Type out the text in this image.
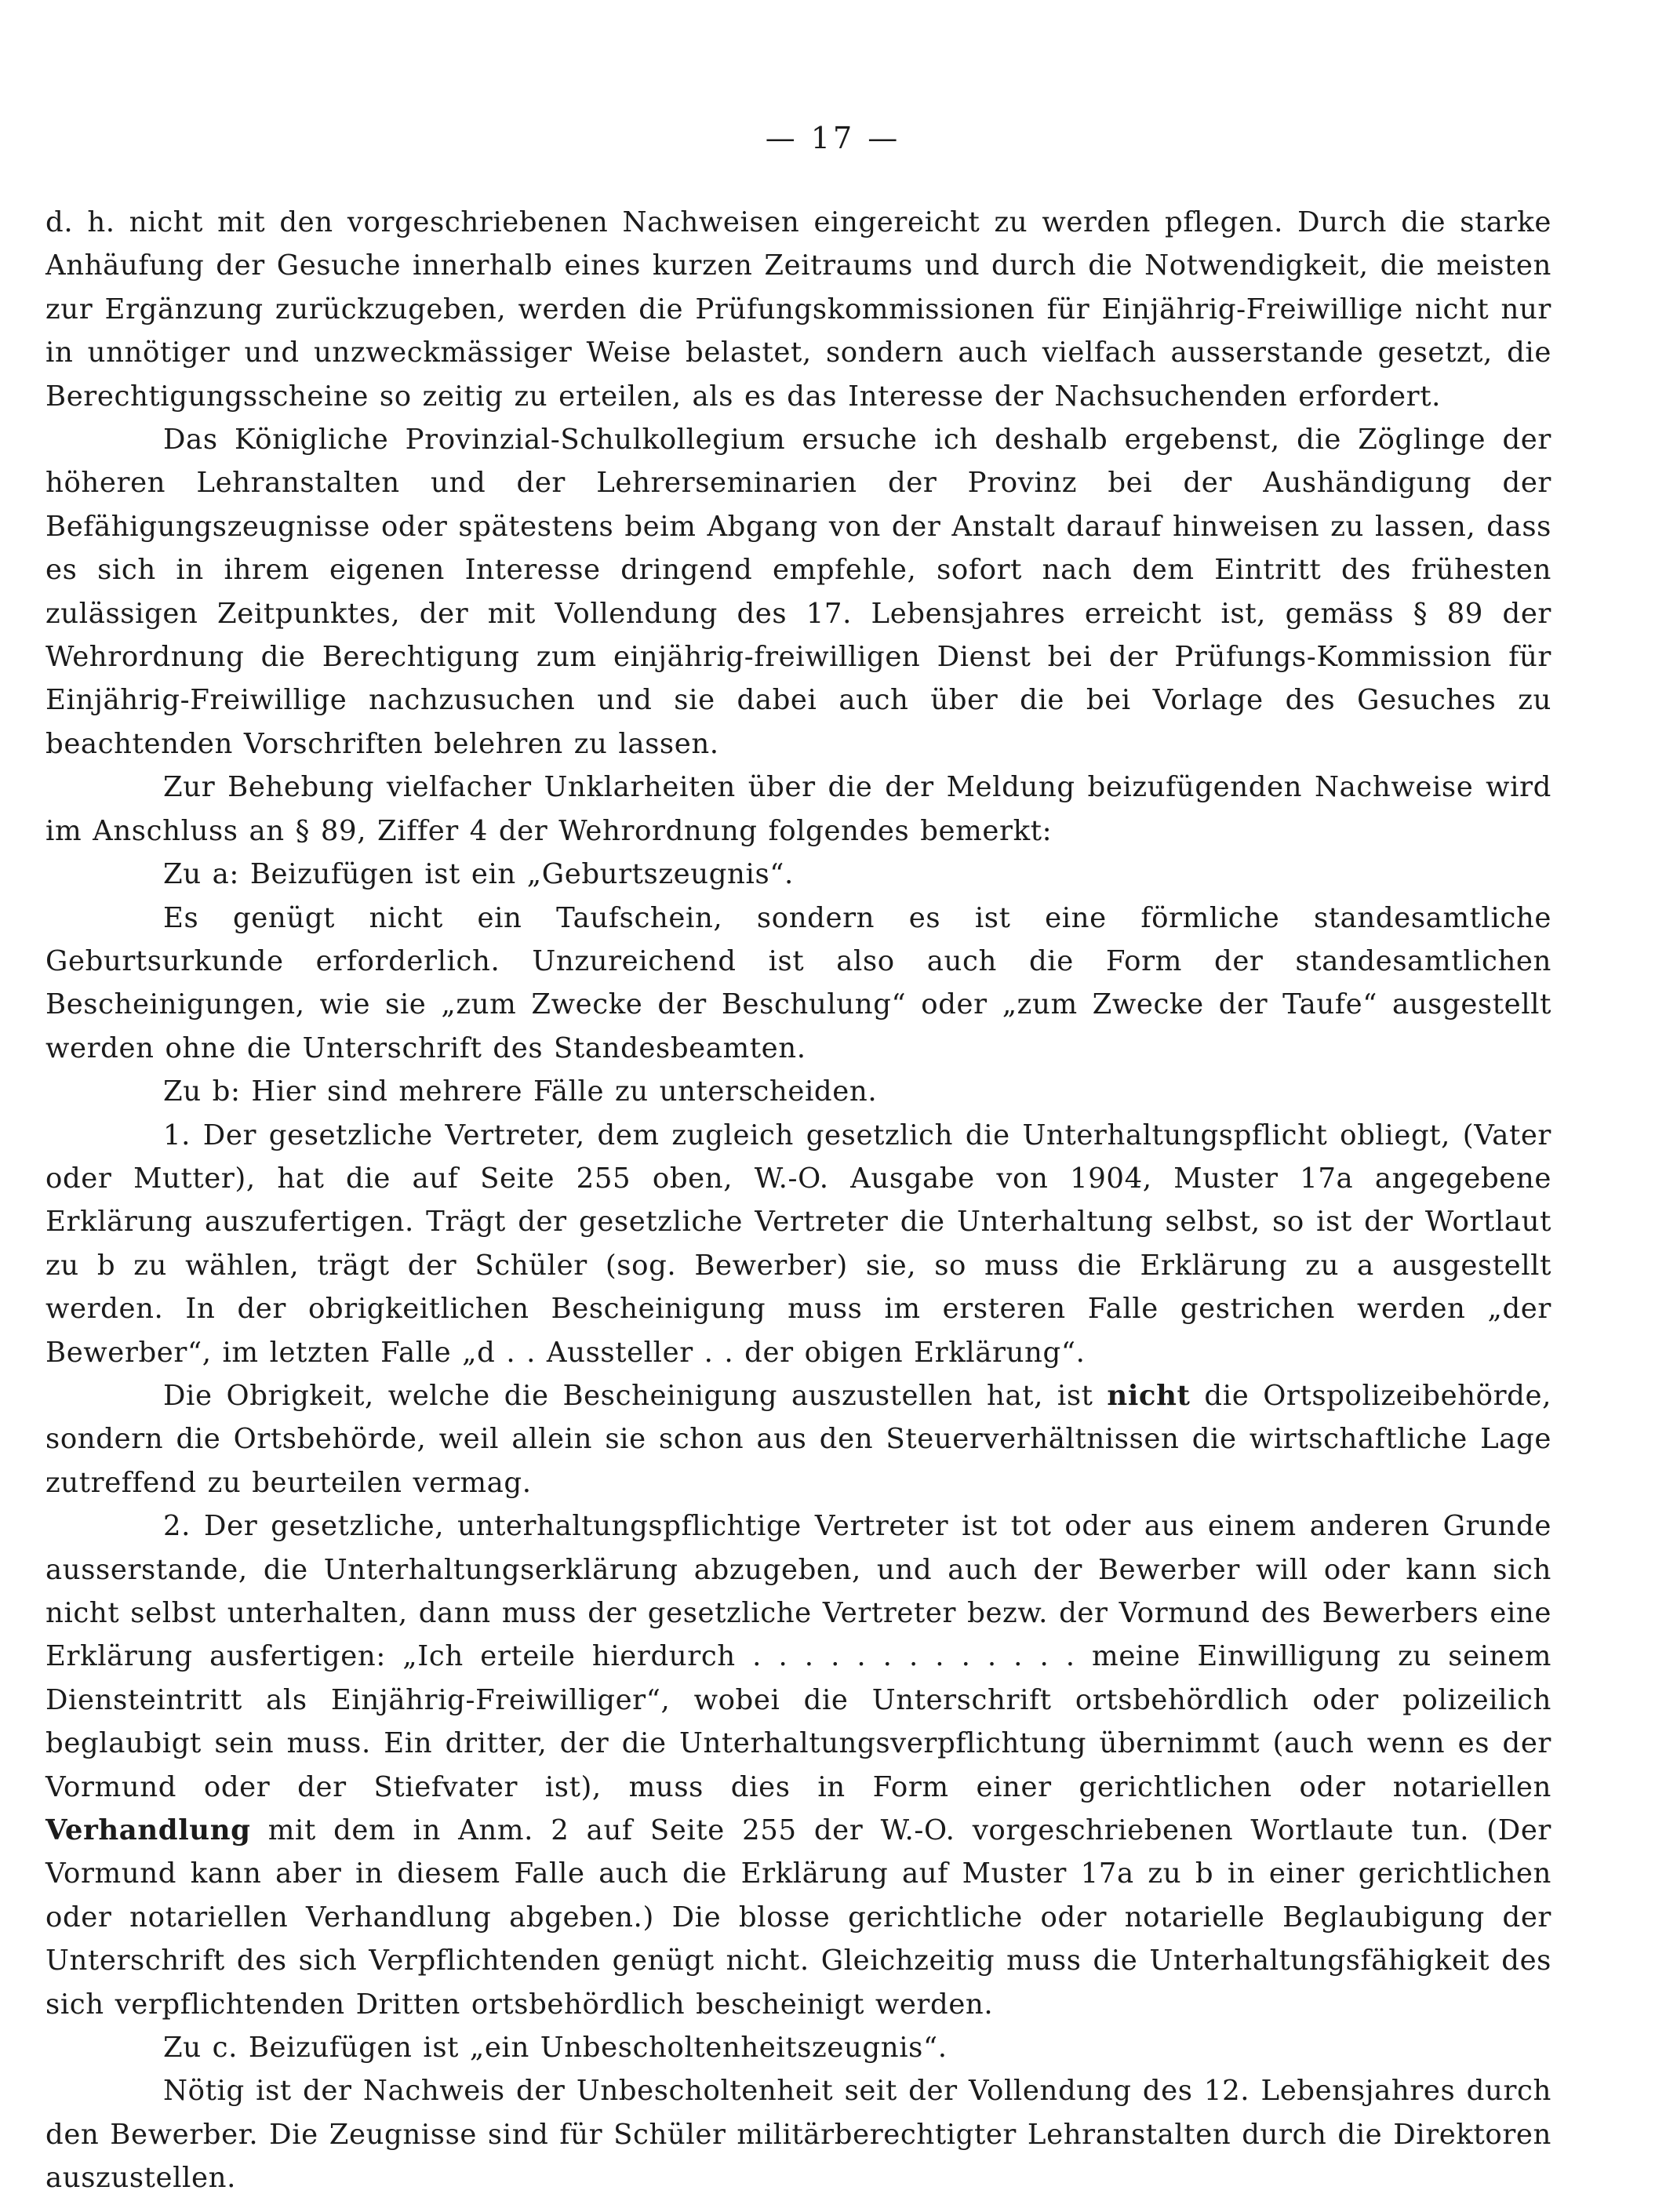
— 17 —

d. h. nicht mit den vorgeschriebenen Nachweisen eingereicht zu werden pflegen. Durch die starke Anhäufung der Gesuche innerhalb eines kurzen Zeitraums und durch die Notwendigkeit, die meisten zur Ergänzung zurückzugeben, werden die Prüfungskommissionen für Einjährig-Freiwillige nicht nur in unnötiger und unzweckmässiger Weise belastet, sondern auch vielfach ausserstande gesetzt, die Berechtigungsscheine so zeitig zu erteilen, als es das Interesse der Nachsuchenden erfordert.

Das Königliche Provinzial-Schulkollegium ersuche ich deshalb ergebenst, die Zöglinge der höheren Lehranstalten und der Lehrerseminarien der Provinz bei der Aushändigung der Befähigungszeugnisse oder spätestens beim Abgang von der Anstalt darauf hinweisen zu lassen, dass es sich in ihrem eigenen Interesse dringend empfehle, sofort nach dem Eintritt des frühesten zulässigen Zeitpunktes, der mit Vollendung des 17. Lebensjahres erreicht ist, gemäss § 89 der Wehrordnung die Berechtigung zum einjährig-freiwilligen Dienst bei der Prüfungs-Kommission für Einjährig-Freiwillige nachzusuchen und sie dabei auch über die bei Vorlage des Gesuches zu beachtenden Vorschriften belehren zu lassen.

Zur Behebung vielfacher Unklarheiten über die der Meldung beizufügenden Nachweise wird im Anschluss an § 89, Ziffer 4 der Wehrordnung folgendes bemerkt:

Zu a: Beizufügen ist ein „Geburtszeugnis“.

Es genügt nicht ein Taufschein, sondern es ist eine förmliche standesamtliche Geburtsurkunde erforderlich. Unzureichend ist also auch die Form der standesamtlichen Bescheinigungen, wie sie „zum Zwecke der Beschulung“ oder „zum Zwecke der Taufe“ ausgestellt werden ohne die Unterschrift des Standesbeamten.

Zu b: Hier sind mehrere Fälle zu unterscheiden.

1. Der gesetzliche Vertreter, dem zugleich gesetzlich die Unterhaltungspflicht obliegt, (Vater oder Mutter), hat die auf Seite 255 oben, W.-O. Ausgabe von 1904, Muster 17a angegebene Erklärung auszufertigen. Trägt der gesetzliche Vertreter die Unterhaltung selbst, so ist der Wortlaut zu b zu wählen, trägt der Schüler (sog. Bewerber) sie, so muss die Erklärung zu a ausgestellt werden. In der obrigkeitlichen Bescheinigung muss im ersteren Falle gestrichen werden „der Bewerber“, im letzten Falle „d . . Aussteller . . der obigen Erklärung“.

Die Obrigkeit, welche die Bescheinigung auszustellen hat, ist nicht die Ortspolizeibehörde, sondern die Ortsbehörde, weil allein sie schon aus den Steuerverhältnissen die wirtschaftliche Lage zutreffend zu beurteilen vermag.

2. Der gesetzliche, unterhaltungspflichtige Vertreter ist tot oder aus einem anderen Grunde ausserstande, die Unterhaltungserklärung abzugeben, und auch der Bewerber will oder kann sich nicht selbst unterhalten, dann muss der gesetzliche Vertreter bezw. der Vormund des Bewerbers eine Erklärung ausfertigen: „Ich erteile hierdurch . . . . . . . . . . . . . meine Einwilligung zu seinem Diensteintritt als Einjährig-Freiwilliger“, wobei die Unterschrift ortsbehördlich oder polizeilich beglaubigt sein muss. Ein dritter, der die Unterhaltungsverpflichtung übernimmt (auch wenn es der Vormund oder der Stiefvater ist), muss dies in Form einer gerichtlichen oder notariellen Verhandlung mit dem in Anm. 2 auf Seite 255 der W.-O. vorgeschriebenen Wortlaute tun. (Der Vormund kann aber in diesem Falle auch die Erklärung auf Muster 17a zu b in einer gerichtlichen oder notariellen Verhandlung abgeben.) Die blosse gerichtliche oder notarielle Beglaubigung der Unterschrift des sich Verpflichtenden genügt nicht. Gleichzeitig muss die Unterhaltungsfähigkeit des sich verpflichtenden Dritten ortsbehördlich bescheinigt werden.

Zu c. Beizufügen ist „ein Unbescholtenheitszeugnis“.

Nötig ist der Nachweis der Unbescholtenheit seit der Vollendung des 12. Lebensjahres durch den Bewerber. Die Zeugnisse sind für Schüler militärberechtigter Lehranstalten durch die Direktoren auszustellen.
